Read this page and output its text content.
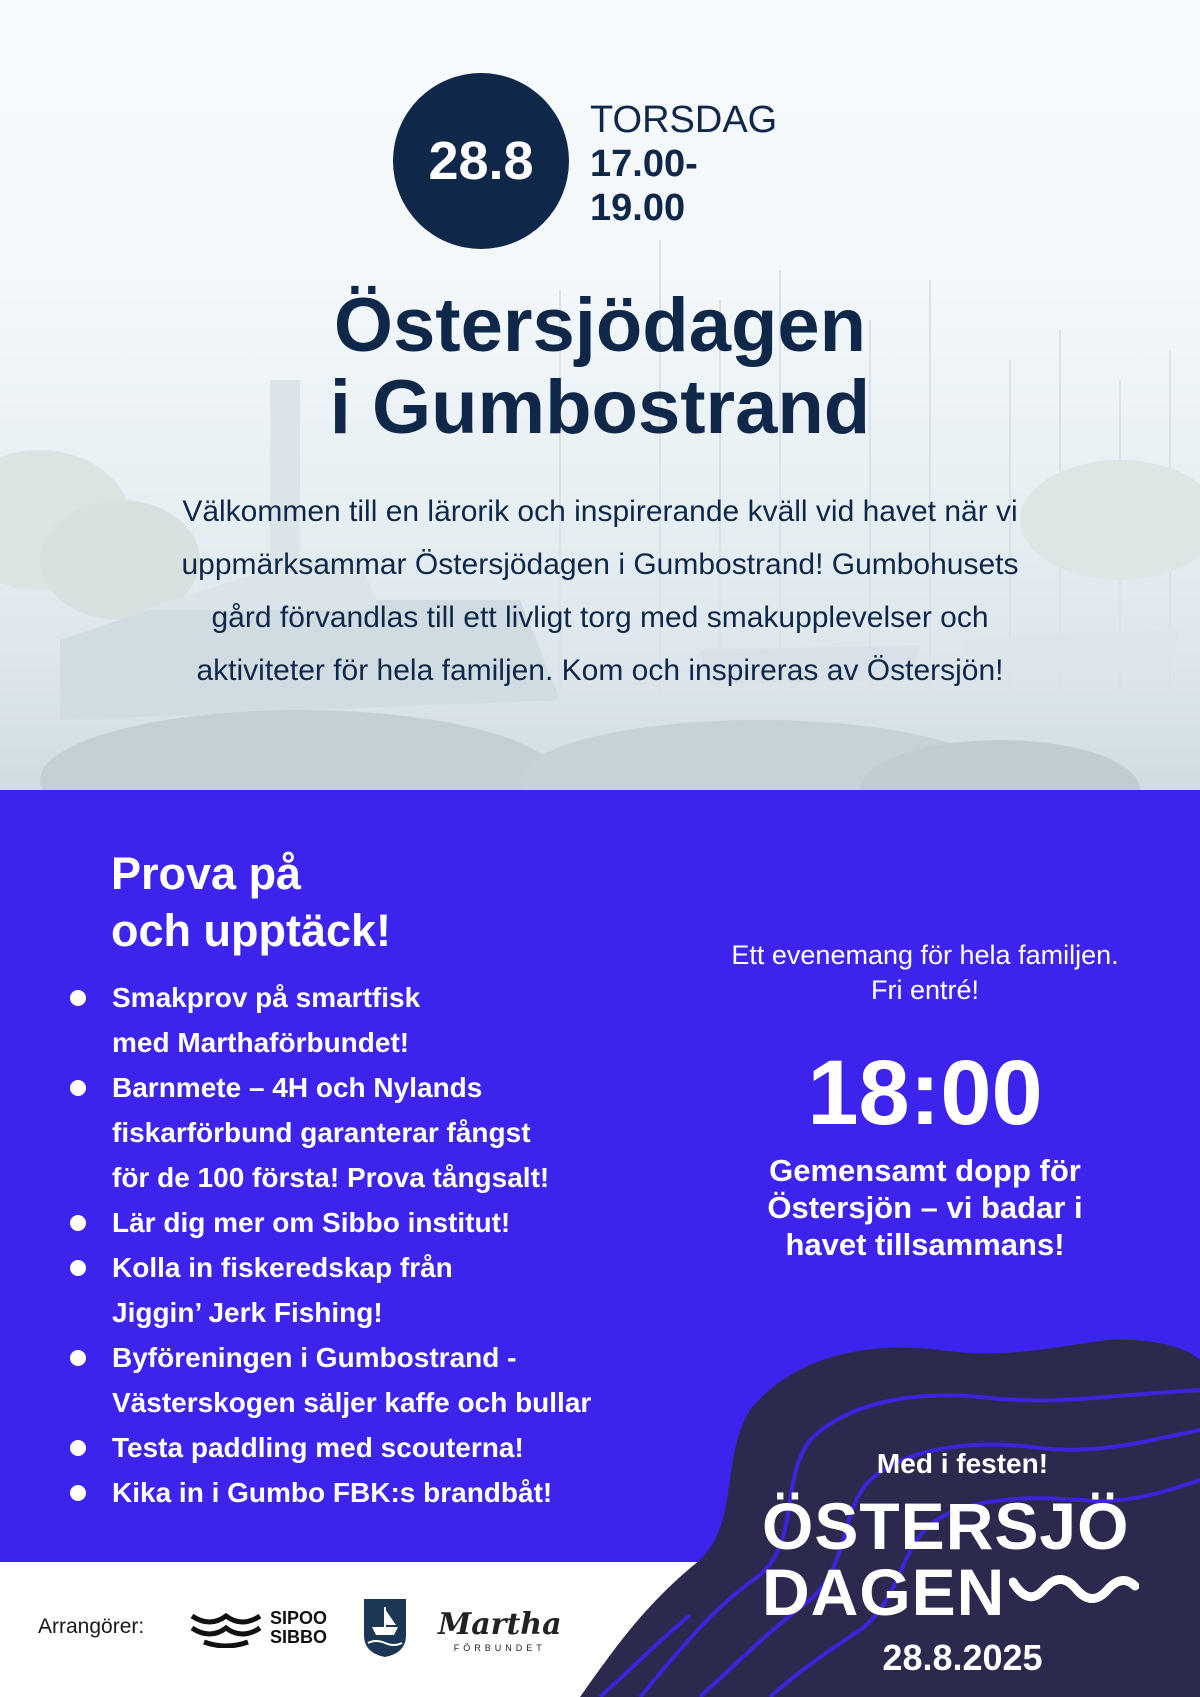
28.8
TORSDAG
17.00-19.00
Östersjödagen
i Gumbostrand
Välkommen till en lärorik och inspirerande kväll vid havet när vi uppmärksammar Östersjödagen i Gumbostrand! Gumbohusets gård förvandlas till ett livligt torg med smakupplevelser och aktiviteter för hela familjen. Kom och inspireras av Östersjön!
Prova på
och upptäck!
Smakprov på smartfisk
med Marthaförbundet!
Barnmete – 4H och Nylands
fiskarförbund garanterar fångst
för de 100 första! Prova tångsalt!
Lär dig mer om Sibbo institut!
Kolla in fiskeredskap från
Jiggin’ Jerk Fishing!
Byföreningen i Gumbostrand -
Västerskogen säljer kaffe och bullar
Testa paddling med scouterna!
Kika in i Gumbo FBK:s brandbåt!
Ett evenemang för hela familjen. Fri entré!
18:00
Gemensamt dopp för Östersjön – vi badar i havet tillsammans!
Arrangörer:	SIPOO
SIBBO	Martha
FÖRBUNDET
Med i festen!
ÖSTERSJÖ
DAGEN
28.8.2025
